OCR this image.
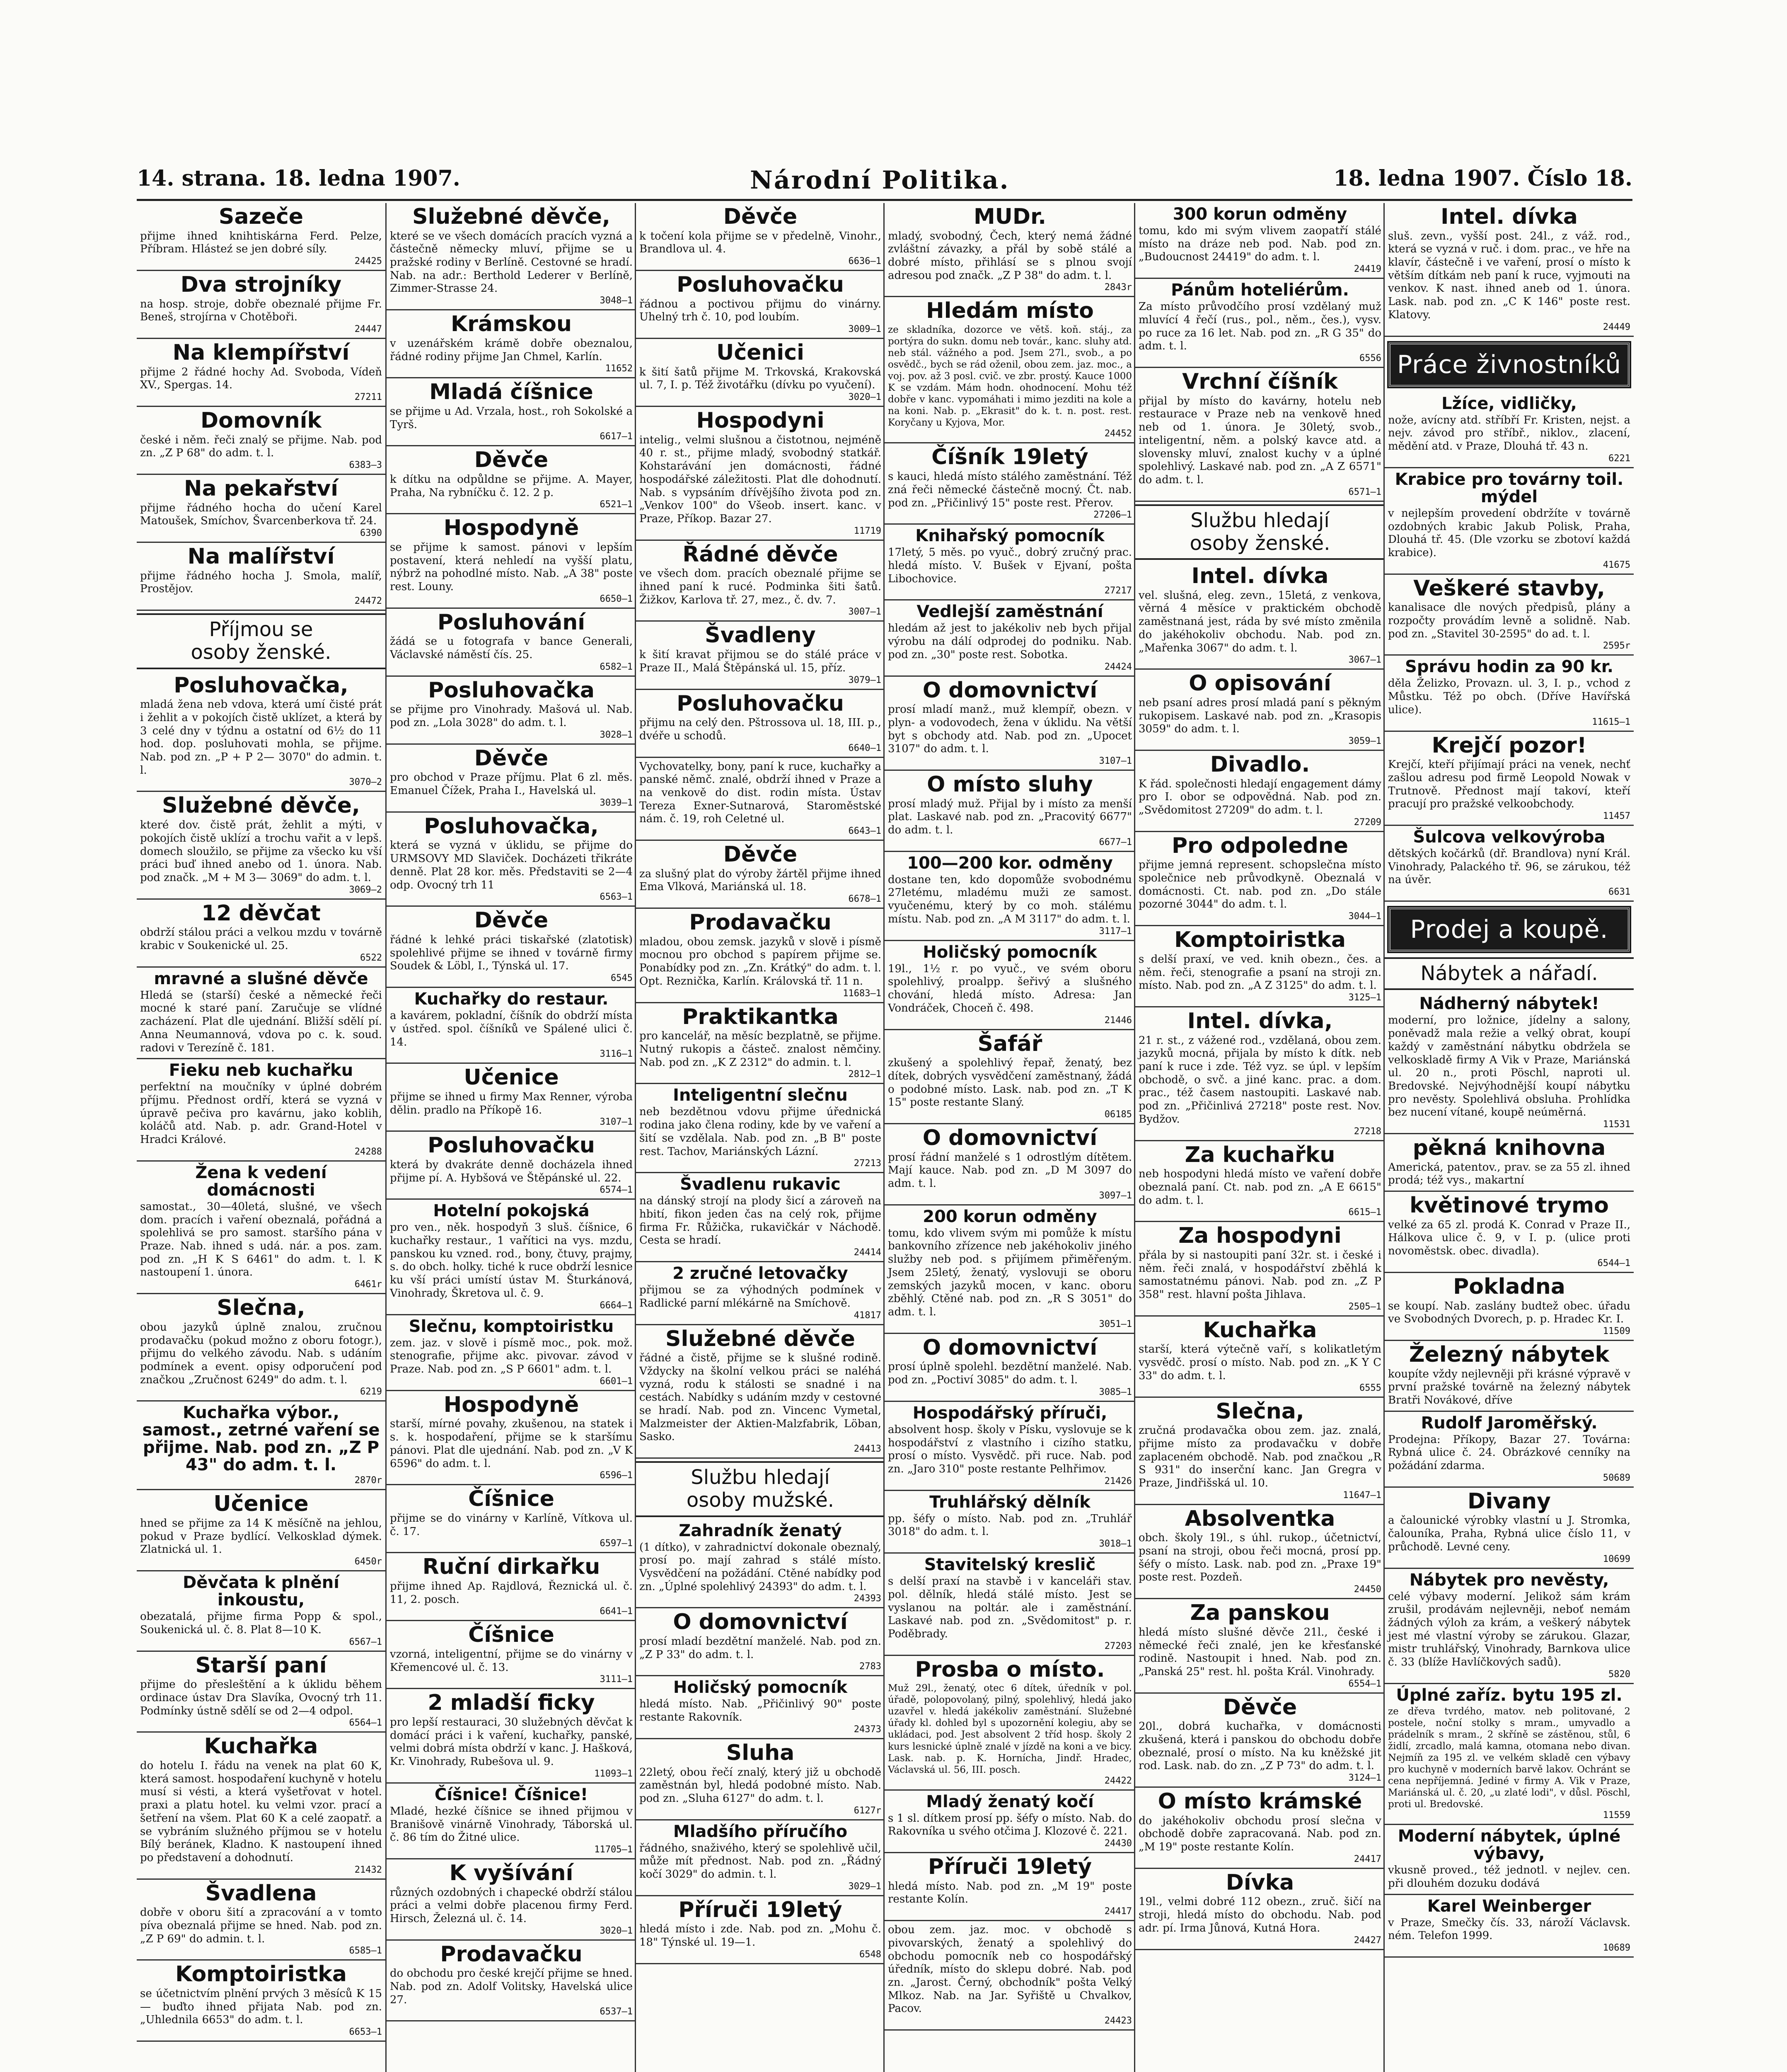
14. strana. 18. ledna 1907.	Národní Politika.	18. ledna 1907. Číslo 18.
Sazeče
přijme ihned knihtiskárna Ferd. Pelze, Příbram. Hlásteź se jen dobré síly.
24425
Dva strojníky
na hosp. stroje, dobře obeznalé přijme Fr. Beneš, strojírna v Chotěboři.
24447
Na klempířství
přijme 2 řádné hochy Ad. Svoboda, Vídeň XV., Spergas. 14.
27211
Domovník
české i něm. řeči znalý se přijme. Nab. pod zn. „Z P 68" do adm. t. l.
6383—3
Na pekařství
přijme řádného hocha do učení Karel Matoušek, Smíchov, Švarcenberkova tř. 24.
6390
Na malířství
přijme řádného hocha J. Smola, malíř, Prostějov.
24472
Příjmou se
osoby ženské.
Posluhovačka,
mladá žena neb vdova, která umí čisté prát i žehlit a v pokojích čistě uklízet, a která by 3 celé dny v týdnu a ostatní od 6½ do 11 hod. dop. posluhovati mohla, se přijme. Nab. pod zn. „P + P 2— 3070" do admin. t. l.
3070—2
Služebné děvče,
které dov. čistě prát, žehlit a mýti, v pokojích čistě uklízí a trochu vařit a v lepš. domech sloužilo, se přijme za všecko ku vší práci buď ihned anebo od 1. února. Nab. pod značk. „M + M 3— 3069" do adm. t. l.
3069—2
12 děvčat
obdrží stálou práci a velkou mzdu v továrně krabic v Soukenické ul. 25.
6522
mravné a slušné děvče
Hledá se (starší) české a německé řeči mocné k staré paní. Zaručuje se vlídné zacházení. Plat dle ujednání. Bližší sdělí pí. Anna Neumannová, vdova po c. k. soud. radovi v Terezíně č. 181.
Fieku neb kuchařku
perfektní na moučníky v úplné dobrém příjmu. Přednost ordří, která se vyzná v úpravě pečiva pro kavárnu, jako koblih, koláčů atd. Nab. p. adr. Grand-Hotel v Hradci Králové.
24288
Žena k vedení domácnosti
samostat., 30—40letá, slušné, ve všech dom. pracích i vaření obeznalá, pořádná a spolehlivá se pro samost. staršího pána v Praze. Nab. ihned s udá. nár. a pos. zam. pod zn. „H K S 6461" do adm. t. l. K nastoupení 1. února.
6461r
Slečna,
obou jazyků úplně znalou, zručnou prodavačku (pokud možno z oboru fotogr.), přijmu do velkého závodu. Nab. s udáním podmínek a event. opisy odporučení pod značkou „Zručnost 6249" do adm. t. l.
6219
Kuchařka výbor., samost., zetrné vaření se přijme. Nab. pod zn. „Z P 43" do adm. t. l.
2870r
Učenice
hned se přijme za 14 K měsíčně na jehlou, pokud v Praze bydlící. Velkosklad dýmek. Zlatnická ul. 1.
6450r
Děvčata k plnění inkoustu,
obezatalá, přijme firma Popp & spol., Soukenická ul. č. 8. Plat 8—10 K.
6567—1
Starší paní
přijme do přesleštění a k úklidu během ordinace ústav Dra Slavíka, Ovocný trh 11. Podmínky ústně sdělí se od 2—4 odpol.
6564—1
Kuchařka
do hotelu I. řádu na venek na plat 60 K, která samost. hospodaření kuchyně v hotelu musí si vésti, a která vyšetřovat v hotel. praxi a platu hotel. ku velmi vzor. prací a šetření na všem. Plat 60 K a celé zaopatř. a se vybráním služného příjmou se v hotelu Bílý beránek, Kladno. K nastoupení ihned po představení a dohodnutí.
21432
Švadlena
dobře v oboru šití a zpracování a v tomto píva obeznalá přijme se hned. Nab. pod zn. „Z P 69" do admin. t. l.
6585—1
Komptoiristka
se účetnictvím plnění prvých 3 měsíců K 15— buďto ihned přijata Nab. pod zn. „Uhlednila 6653" do adm. t. l.
6653—1
Služebné děvče,
které se ve všech domácích pracích vyzná a částečně německy mluví, přijme se u pražské rodiny v Berlíně. Cestovné se hradí. Nab. na adr.: Berthold Lederer v Berlíně, Zimmer-Strasse 24.
3048—1
Krámskou
v uzenářském krámě dobře obeznalou, řádné rodiny přijme Jan Chmel, Karlín.
11652
Mladá číšnice
se přijme u Ad. Vrzala, host., roh Sokolské a Tyrš.
6617—1
Děvče
k dítku na odpůldne se přijme. A. Mayer, Praha, Na rybníčku č. 12. 2 p.
6521—1
Hospodyně
se přijme k samost. pánovi v lepším postavení, která nehledí na vyšší platu, nýbrž na pohodlné místo. Nab. „A 38" poste rest. Louny.
6650—1
Posluhování
žádá se u fotografa v bance Generali, Václavské náměstí čís. 25.
6582—1
Posluhovačka
se přijme pro Vinohrady. Mašová ul. Nab. pod zn. „Lola 3028" do adm. t. l.
3028—1
Děvče
pro obchod v Praze příjmu. Plat 6 zl. měs. Emanuel Čížek, Praha I., Havelská ul.
3039—1
Posluhovačka,
která se vyzná v úklidu, se přijme do URMSOVY MD Slaviček. Docházeti třikráte denně. Plat 28 kor. měs. Představiti se 2—4 odp. Ovocný trh 11
6563—1
Děvče
řádné k lehké práci tiskařské (zlatotisk) spolehlivé přijme se ihned v továrně firmy Soudek & Löbl, I., Týnská ul. 17.
6545
Kuchařky do restaur.
a kavárem, pokladní, číšník do obdrží místa v ústřed. spol. číšníků ve Spálené ulici č. 14.
3116—1
Učenice
přijme se ihned u firmy Max Renner, výroba dělin. pradlo na Příkopě 16.
3107—1
Posluhovačku
která by dvakráte denně docházela ihned přijme pí. A. Hybšová ve Štěpánské ul. 22.
6574—1
Hotelní pokojská
pro ven., něk. hospodyň 3 sluš. číšnice, 6 kuchařky restaur., 1 vařítici na vys. mzdu, panskou ku vzned. rod., bony, čtuvy, prajmy, s. do obch. holky. tiché k ruce obdrží lesnice ku vší práci umístí ústav M. Šturkánová, Vinohrady, Škretova ul. č. 9.
6664—1
Slečnu, komptoiristku
zem. jaz. v slově i písmě moc., pok. mož. stenografie, přijme akc. pivovar. závod v Praze. Nab. pod zn. „S P 6601" adm. t. l.
6601—1
Hospodyně
starší, mírné povahy, zkušenou, na statek i s. k. hospodaření, přijme se k staršímu pánovi. Plat dle ujednání. Nab. pod zn. „V K 6596" do adm. t. l.
6596—1
Číšnice
přijme se do vinárny v Karlíně, Vítkova ul. č. 17.
6597—1
Ruční dirkařku
přijme ihned Ap. Rajdlová, Řeznická ul. č. 11, 2. posch.
6641—1
Číšnice
vzorná, inteligentní, přijme se do vinárny v Křemencové ul. č. 13.
3111—1
2 mladší ficky
pro lepší restauraci, 30 služebných děvčat k domácí práci i k vaření, kuchařky, panské, velmi dobrá místa obdrží v kanc. J. Hašková, Kr. Vinohrady, Rubešova ul. 9.
11093—1
Číšnice! Číšnice!
Mladé, hezké číšnice se ihned přijmou v Branišově vinárně Vinohrady, Táborská ul. č. 86 tím do Žitné ulice.
11705—1
K vyšívání
různých ozdobných i chapecké obdrží stálou práci a velmi dobře placenou firmy Ferd. Hirsch, Železná ul. č. 14.
3020—1
Prodavačku
do obchodu pro české krejčí přijme se hned. Nab. pod zn. Adolf Volitsky, Havelská ulice 27.
6537—1
Děvče
k točení kola přijme se v předelně, Vinohr., Brandlova ul. 4.
6636—1
Posluhovačku
řádnou a poctivou přijmu do vinárny. Uhelný trh č. 10, pod loubím.
3009—1
Učenici
k šití šatů přijme M. Trkovská, Krakovská ul. 7, I. p. Též životářku (dívku po vyučení).
3020—1
Hospodyni
intelig., velmi slušnou a čistotnou, nejméně 40 r. st., přijme mladý, svobodný statkář. Kohstarávání jen domácnosti, řádné hospodářské záležitosti. Plat dle dohodnutí. Nab. s vypsáním dřívějšího života pod zn. „Venkov 100" do Všeob. insert. kanc. v Praze, Příkop. Bazar 27.
11719
Řádné děvče
ve všech dom. pracích obeznalé přijme se ihned paní k rucé. Podminka šiti šatů. Žižkov, Karlova tř. 27, mez., č. dv. 7.
3007—1
Švadleny
k šití kravat přijmou se do stálé práce v Praze II., Malá Štěpánská ul. 15, příz.
3079—1
Posluhovačku
přijmu na celý den. Pštrossova ul. 18, III. p., dvéře u schodů.
6640—1
Vychovatelky, bony, paní k ruce, kuchařky a panské němč. znalé, obdrží ihned v Praze a na venkově do dist. rodin místa. Ústav Tereza Exner-Sutnarová, Staroměstské nám. č. 19, roh Celetné ul.
6643—1
Děvče
za slušný plat do výroby žártěl přijme ihned Ema Vlková, Mariánská ul. 18.
6678—1
Prodavačku
mladou, obou zemsk. jazyků v slově i písmě mocnou pro obchod s papírem přijme se. Ponabídky pod zn. „Zn. Krátký" do adm. t. l. Opt. Reznička, Karlín. Královská tř. 11 n.
11683—1
Praktikantka
pro kancelář, na měsíc bezplatně, se přijme. Nutný rukopis a částeč. znalost němčiny. Nab. pod zn. „K Z 2312" do admin. t. l.
2812—1
Inteligentní slečnu
neb bezdětnou vdovu přijme úřednická rodina jako člena rodiny, kde by ve vaření a šití se vzdělala. Nab. pod zn. „B B" poste rest. Tachov, Mariánských Lázní.
27213
Švadlenu rukavic
na dánský strojí na plody šicí a zároveň na hbití, fikon jeden čas na celý rok, přijme firma Fr. Růžička, rukavičkár v Náchodě. Cesta se hradí.
24414
2 zručné letovačky
přijmou se za výhodných podmínek v Radlické parní mlékárně na Smíchově.
41817
Služebné děvče
řádné a čistě, přijme se k slušné rodině. Vždycky na školní velkou práci se naléhá vyzná, rodu k stálosti se snadné i na cestách. Nabídky s udáním mzdy v cestovné se hradí. Nab. pod zn. Vincenc Vymetal, Malzmeister der Aktien-Malzfabrik, Löban, Sasko.
24413
Službu hledají
osoby mužské.
Zahradník ženatý
(1 dítko), v zahradnictví dokonale obeznalý, prosí po. mají zahrad s stálé místo. Vysvědčení na požádání. Ctěné nabídky pod zn. „Úplné spolehlivý 24393" do adm. t. l.
24393
O domovnictví
prosí mladí bezdětní manželé. Nab. pod zn. „Z P 33" do adm. t. l.
2783
Holičský pomocník
hledá místo. Nab. „Přičinlivý 90" poste restante Rakovník.
24373
Sluha
22letý, obou řečí znalý, který již u obchodě zaměstnán byl, hledá podobné místo. Nab. pod zn. „Sluha 6127" do adm. t. l.
6127r
Mladšího příručího
řádného, snaživého, který se spolehlivě učil, může mít přednost. Nab. pod zn. „Řádný kočí 3029" do admin. t. l.
3029—1
Příruči 19letý
hledá místo i zde. Nab. pod zn. „Mohu č. 18" Týnské ul. 19—1.
6548
MUDr.
mladý, svobodný, Čech, který nemá žádné zvláštní závazky, a přál by sobě stálé a dobré místo, přihlásí se s plnou svojí adresou pod značk. „Z P 38" do adm. t. l.
2843r
Hledám místo
ze skladníka, dozorce ve větš. koň. stáj., za portýra do sukn. domu neb továr., kanc. sluhy atd. neb stál. vážného a pod. Jsem 27l., svob., a po osvědč., bych se rád oženil, obou zem. jaz. moc., a voj. pov. až 3 posl. cvič. ve zbr. prostý. Kauce 1000 K se vzdám. Mám hodn. ohodnocení. Mohu též dobře v kanc. vypomáhati i mimo jezditi na kole a na koni. Nab. p. „Ekrasit" do k. t. n. post. rest. Koryčany u Kyjova, Mor.
24452
Číšník 19letý
s kauci, hledá místo stálého zaměstnání. Též zná řeči německé částečně mocný. Čt. nab. pod zn. „Přičinlivý 15" poste rest. Přerov.
27206—1
Knihařský pomocník
17letý, 5 měs. po vyuč., dobrý zručný prac. hledá místo. V. Bušek v Ejvaní, pošta Libochovice.
27217
Vedlejší zaměstnání
hledám až jest to jakékoliv neb bych přijal výrobu na dálí odprodej do podniku. Nab. pod zn. „30" poste rest. Sobotka.
24424
O domovnictví
prosí mladí manž., muž klempíř, obezn. v plyn- a vodovodech, žena v úklidu. Na větší byt s obchody atd. Nab. pod zn. „Upocet 3107" do adm. t. l.
3107—1
O místo sluhy
prosí mladý muž. Přijal by i místo za menší plat. Laskavé nab. pod zn. „Pracovitý 6677" do adm. t. l.
6677—1
100—200 kor. odměny
dostane ten, kdo dopomůže svobodnému 27letému, mladému muži ze samost. vyučenému, který by co moh. stálému místu. Nab. pod zn. „A M 3117" do adm. t. l.
3117—1
Holičský pomocník
19l., 1½ r. po vyuč., ve svém oboru spolehlivý, proalpp. šeřivý a slušného chování, hledá místo. Adresa: Jan Vondráček, Choceň č. 498.
21446
Šafář
zkušený a spolehlivý řepař, ženatý, bez dítek, dobrých vysvědčení zaměstnaný, žádá o podobné místo. Lask. nab. pod zn. „T K 15" poste restante Slaný.
06185
O domovnictví
prosí řádní manželé s 1 odrostlým dítětem. Mají kauce. Nab. pod zn. „D M 3097 do adm. t. l.
3097—1
200 korun odměny
tomu, kdo vlivem svým mi pomůže k místu bankovního zřízence neb jakéhokoliv jiného služby neb pod. s přijímem přiměřeným. Jsem 25letý, ženatý, vyslovuji se oboru zemských jazyků mocen, v kanc. oboru zběhlý. Ctěné nab. pod zn. „R S 3051" do adm. t. l.
3051—1
O domovnictví
prosí úplně spolehl. bezdětní manželé. Nab. pod zn. „Poctiví 3085" do adm. t. l.
3085—1
Hospodářský příruči,
absolvent hosp. školy v Písku, vyslovuje se k hospodářství z vlastního i cizího statku, prosí o místo. Vysvědč. při ruce. Nab. pod zn. „Jaro 310" poste restante Pelhřimov.
21426
Truhlářský dělník
pp. šéfy o místo. Nab. pod zn. „Truhlář 3018" do adm. t. l.
3018—1
Stavitelský kreslič
s delší praxí na stavbě i v kanceláři stav. pol. dělník, hledá stálé místo. Jest se vyslanou na poltár. ale i zaměstnání. Laskavé nab. pod zn. „Svědomitost" p. r. Poděbrady.
27203
Prosba o místo.
Muž 29l., ženatý, otec 6 dítek, úředník v pol. úřadě, polopovolaný, pilný, spolehlivý, hledá jako uzavřel v. hledá jakékoliv zaměstnání. Služebné úřady kl. dohled byl s upozornění kolegiu, aby se ukládaci, pod. Jest absolvent 2 tříd hosp. školy 2 kurs lesnické úplně znalé v jízdě na koni a ve bicy. Lask. nab. p. K. Hornícha, Jindř. Hradec, Václavská ul. 56, III. posch.
24422
Mladý ženatý kočí
s 1 sl. dítkem prosí pp. šéfy o místo. Nab. do Rakovníka u svého otčima J. Klozové č. 221.
24430
Příruči 19letý
hledá místo. Nab. pod zn. „M 19" poste restante Kolín.
24417
obou zem. jaz. moc. v obchodě s pivovarských, ženatý a spolehlivý do obchodu pomocník neb co hospodářský úředník, místo do sklepu dobré. Nab. pod zn. „Jarost. Černý, obchodník" pošta Velký Mlkoz. Nab. na Jar. Syřiště u Chvalkov, Pacov.
24423
300 korun odměny
tomu, kdo mi svým vlivem zaopatří stálé místo na dráze neb pod. Nab. pod zn. „Budoucnost 24419" do adm. t. l.
24419
Pánům hoteliérům.
Za místo průvodčího prosí vzdělaný muž mluvící 4 řečí (rus., pol., něm., čes.), vysv. po ruce za 16 let. Nab. pod zn. „R G 35" do adm. t. l.
6556
Vrchní číšník
přijal by místo do kavárny, hotelu neb restaurace v Praze neb na venkově hned neb od 1. února. Je 30letý, svob., inteligentní, něm. a polský kavce atd. a slovensky mluví, znalost kuchy v a úplné spolehlivý. Laskavé nab. pod zn. „A Z 6571" do adm. t. l.
6571—1
Službu hledají
osoby ženské.
Intel. dívka
vel. slušná, eleg. zevn., 15letá, z venkova, věrná 4 měsíce v praktickém obchodě zaměstnaná jest, ráda by své místo změnila do jakéhokoliv obchodu. Nab. pod zn. „Mařenka 3067" do adm. t. l.
3067—1
O opisování
neb psaní adres prosí mladá paní s pěkným rukopisem. Laskavé nab. pod zn. „Krasopis 3059" do adm. t. l.
3059—1
Divadlo.
K řád. společnosti hledají engagement dámy pro I. obor se odpovědná. Nab. pod zn. „Svědomitost 27209" do adm. t. l.
27209
Pro odpoledne
přijme jemná represent. schopslečna místo společnice neb průvodkyně. Obeznalá v domácnosti. Ct. nab. pod zn. „Do stále pozorné 3044" do adm. t. l.
3044—1
Komptoiristka
s delší praxí, ve ved. knih obezn., čes. a něm. řeči, stenografie a psaní na stroji zn. místo. Nab. pod zn. „A Z 3125" do adm. t. l.
3125—1
Intel. dívka,
21 r. st., z vážené rod., vzdělaná, obou zem. jazyků mocná, přijala by místo k dítk. neb paní k ruce i zde. Též vyz. se úpl. v lepším obchodě, o svč. a jiné kanc. prac. a dom. prac., též časem nastoupiti. Laskavé nab. pod zn. „Přičinlivá 27218" poste rest. Nov. Bydžov.
27218
Za kuchařku
neb hospodyni hledá místo ve vaření dobře obeznalá paní. Ct. nab. pod zn. „A E 6615" do adm. t. l.
6615—1
Za hospodyni
přála by si nastoupiti paní 32r. st. i české i něm. řeči znalá, v hospodářství zběhlá k samostatnému pánovi. Nab. pod zn. „Z P 358" rest. hlavní pošta Jihlava.
2505—1
Kuchařka
starší, která výtečně vaří, s kolikatletým vysvědč. prosí o místo. Nab. pod zn. „K Y C 33" do adm. t. l.
6555
Slečna,
zručná prodavačka obou zem. jaz. znalá, přijme místo za prodavačku v dobře zaplaceném obchodě. Nab. pod značkou „R S 931" do inserční kanc. Jan Gregra v Praze, Jindřišská ul. 10.
11647—1
Absolventka
obch. školy 19l., s úhl. rukop., účetnictví, psaní na stroji, obou řeči mocná, prosí pp. šéfy o místo. Lask. nab. pod zn. „Praxe 19" poste rest. Pozdeň.
24450
Za panskou
hledá místo slušné děvče 21l., české i německé řeči znalé, jen ke křesťanské rodině. Nastoupit i hned. Nab. pod zn. „Panská 25" rest. hl. pošta Král. Vinohrady.
6554—1
Děvče
20l., dobrá kuchařka, v domácnosti zkušená, která i panskou do obchodu dobře obeznalé, prosí o místo. Na ku kněžské jit rod. Lask. nab. do zn. „Z P 73" do adm. t. l.
3124—1
O místo krámské
do jakéhokoliv obchodu prosí slečna v obchodě dobře zapracovaná. Nab. pod zn. „M 19" poste restante Kolín.
24417
Dívka
19l., velmi dobré 112 obezn., zruč. šičí na stroji, hledá místo do obchodu. Nab. pod adr. pí. Irma Jůnová, Kutná Hora.
24427
Intel. dívka
sluš. zevn., vyšší post. 24l., z váž. rod., která se vyzná v ruč. i dom. prac., ve hře na klavír, částečně i ve vaření, prosí o místo k větším dítkám neb paní k ruce, vyjmouti na venkov. K nast. ihned aneb od 1. února. Lask. nab. pod zn. „C K 146" poste rest. Klatovy.
24449
Práce živnostníků
Lžíce, vidličky,
nože, avícny atd. stříbří Fr. Kristen, nejst. a nejv. závod pro stříbř., niklov., zlacení, mědění atd. v Praze, Dlouhá tř. 43 n.
6221
Krabice pro továrny toil. mýdel
v nejlepším provedení obdržíte v továrně ozdobných krabic Jakub Polisk, Praha, Dlouhá tř. 45. (Dle vzorku se zbotoví každá krabice).
41675
Veškeré stavby,
kanalisace dle nových předpisů, plány a rozpočty provádím levně a solidně. Nab. pod zn. „Stavitel 30-2595" do ad. t. l.
2595r
Správu hodin za 90 kr.
děla Želizko, Provazn. ul. 3, I. p., vchod z Můstku. Též po obch. (Dříve Havířská ulice).
11615—1
Krejčí pozor!
Krejčí, kteří přijímají práci na venek, nechť zašlou adresu pod firmě Leopold Nowak v Trutnově. Přednost mají takoví, kteří pracují pro pražské velkoobchody.
11457
Šulcova velkovýroba
dětských kočárků (dř. Brandlova) nyní Král. Vinohrady, Palackého tř. 96, se zárukou, též na úvěr.
6631
Prodej a koupě.
Nábytek a nářadí.
Nádherný nábytek!
moderní, pro ložnice, jídelny a salony, poněvadž mala režie a velký obrat, koupí každý v zaměstnání nábytku obdržela se velkoskladě firmy A Vik v Praze, Mariánská ul. 20 n., proti Pöschl, naproti ul. Bredovské. Nejvýhodnější koupí nábytku pro nevěsty. Spolehlivá obsluha. Prohlídka bez nucení vítané, koupě neúměrná.
11531
pěkná knihovna
Americká, patentov., prav. se za 55 zl. ihned prodá; též vys., makartní
květinové trymo
velké za 65 zl. prodá K. Conrad v Praze II., Hálkova ulice č. 9, v I. p. (ulice proti novoměstsk. obec. divadla).
6544—1
Pokladna
se koupí. Nab. zaslány budtež obec. úřadu ve Svobodných Dvorech, p. p. Hradec Kr. I.
11509
Železný nábytek
koupíte vždy nejlevněji při krásné výpravě v první pražské továrně na železný nábytek Bratři Novákové, dříve
Rudolf Jaroměřský.
Prodejna: Příkopy, Bazar 27. Továrna: Rybná ulice č. 24. Obrázkové cenníky na požádání zdarma.
50689
Divany
a čalounické výrobky vlastní u J. Stromka, čalouníka, Praha, Rybná ulice číslo 11, v průchodě. Levné ceny.
10699
Nábytek pro nevěsty,
celé výbavy moderní. Jelikož sám krám zrušil, prodávám nejlevněji, neboť nemám žádných výloh za krám, a veškerý nábytek jest mé vlastní výroby se zárukou. Glazar, mistr truhlářský, Vinohrady, Barnkova ulice č. 33 (blíže Havlíčkových sadů).
5820
Úplné zaříz. bytu 195 zl.
ze dřeva tvrdého, matov. neb politované, 2 postele, noční stolky s mram., umyvadlo a prádelník s mram., 2 skříně se zástěnou, stůl, 6 židlí, zrcadlo, malá kamna, otomana nebo divan. Nejmíň za 195 zl. ve velkém skladě cen výbavy pro kuchyně v moderních barvě lakov. Ochránt se cena nepříjemná. Jediné v firmy A. Vik v Praze, Mariánská ul. č. 20, „u zlaté lodi", v důsl. Pöschl, proti ul. Bredovské.
11559
Moderní nábytek, úplné výbavy,
vkusně proved., též jednotl. v nejlev. cen. při dlouhém dozuku dodává
Karel Weinberger
v Praze, Smečky čís. 33, nároží Václavsk. ném. Telefon 1999.
10689
